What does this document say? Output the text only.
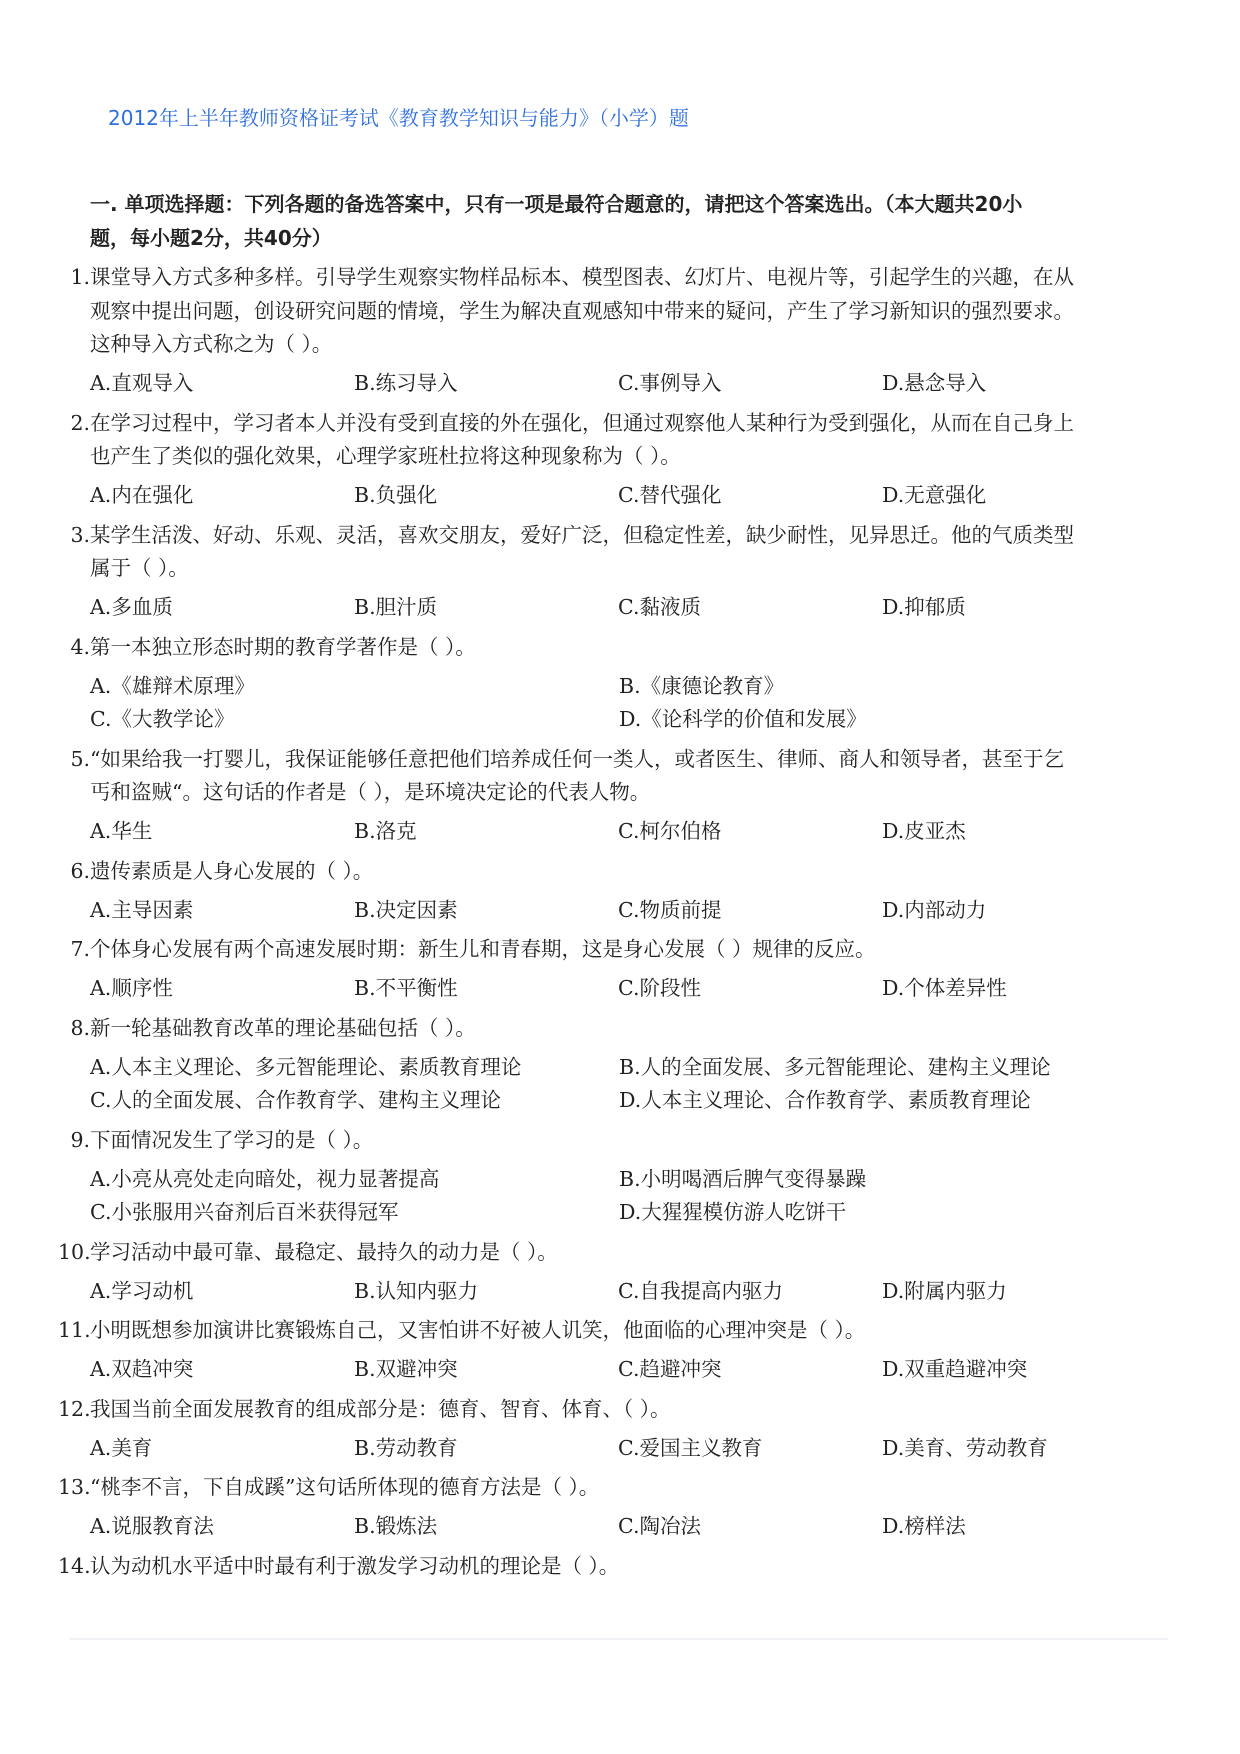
2012年上半年教师资格证考试《教育教学知识与能力》（小学）题
一. 单项选择题：下列各题的备选答案中，只有一项是最符合题意的，请把这个答案选出。（本大题共20小
题，每小题2分，共40分）
1. 课堂导入方式多种多样。引导学生观察实物样品标本、模型图表、幻灯片、电视片等，引起学生的兴趣，在从
观察中提出问题，创设研究问题的情境，学生为解决直观感知中带来的疑问，产生了学习新知识的强烈要求。
这种导入方式称之为（ ）。
A.直观导入	B.练习导入	C.事例导入	D.悬念导入
2. 在学习过程中，学习者本人并没有受到直接的外在强化，但通过观察他人某种行为受到强化，从而在自己身上
也产生了类似的强化效果，心理学家班杜拉将这种现象称为（ ）。
A.内在强化	B.负强化	C.替代强化	D.无意强化
3. 某学生活泼、好动、乐观、灵活，喜欢交朋友，爱好广泛，但稳定性差，缺少耐性，见异思迁。他的气质类型
属于（ ）。
A.多血质	B.胆汁质	C.黏液质	D.抑郁质
4. 第一本独立形态时期的教育学著作是（ ）。
A.《雄辩术原理》	B.《康德论教育》
C.《大教学论》	D.《论科学的价值和发展》
5. “如果给我一打婴儿，我保证能够任意把他们培养成任何一类人，或者医生、律师、商人和领导者，甚至于乞
丐和盗贼“。这句话的作者是（ ），是环境决定论的代表人物。
A.华生	B.洛克	C.柯尔伯格	D.皮亚杰
6. 遗传素质是人身心发展的（ ）。
A.主导因素	B.决定因素	C.物质前提	D.内部动力
7. 个体身心发展有两个高速发展时期：新生儿和青春期，这是身心发展（ ）规律的反应。
A.顺序性	B.不平衡性	C.阶段性	D.个体差异性
8. 新一轮基础教育改革的理论基础包括（ ）。
A.人本主义理论、多元智能理论、素质教育理论	B.人的全面发展、多元智能理论、建构主义理论
C.人的全面发展、合作教育学、建构主义理论	D.人本主义理论、合作教育学、素质教育理论
9. 下面情况发生了学习的是（ ）。
A.小亮从亮处走向暗处，视力显著提高	B.小明喝酒后脾气变得暴躁
C.小张服用兴奋剂后百米获得冠军	D.大猩猩模仿游人吃饼干
10. 学习活动中最可靠、最稳定、最持久的动力是（ ）。
A.学习动机	B.认知内驱力	C.自我提高内驱力	D.附属内驱力
11. 小明既想参加演讲比赛锻炼自己，又害怕讲不好被人讥笑，他面临的心理冲突是（ ）。
A.双趋冲突	B.双避冲突	C.趋避冲突	D.双重趋避冲突
12. 我国当前全面发展教育的组成部分是：德育、智育、体育、（ ）。
A.美育	B.劳动教育	C.爱国主义教育	D.美育、劳动教育
13. “桃李不言，下自成蹊”这句话所体现的德育方法是（ ）。
A.说服教育法	B.锻炼法	C.陶冶法	D.榜样法
14. 认为动机水平适中时最有利于激发学习动机的理论是（ ）。
